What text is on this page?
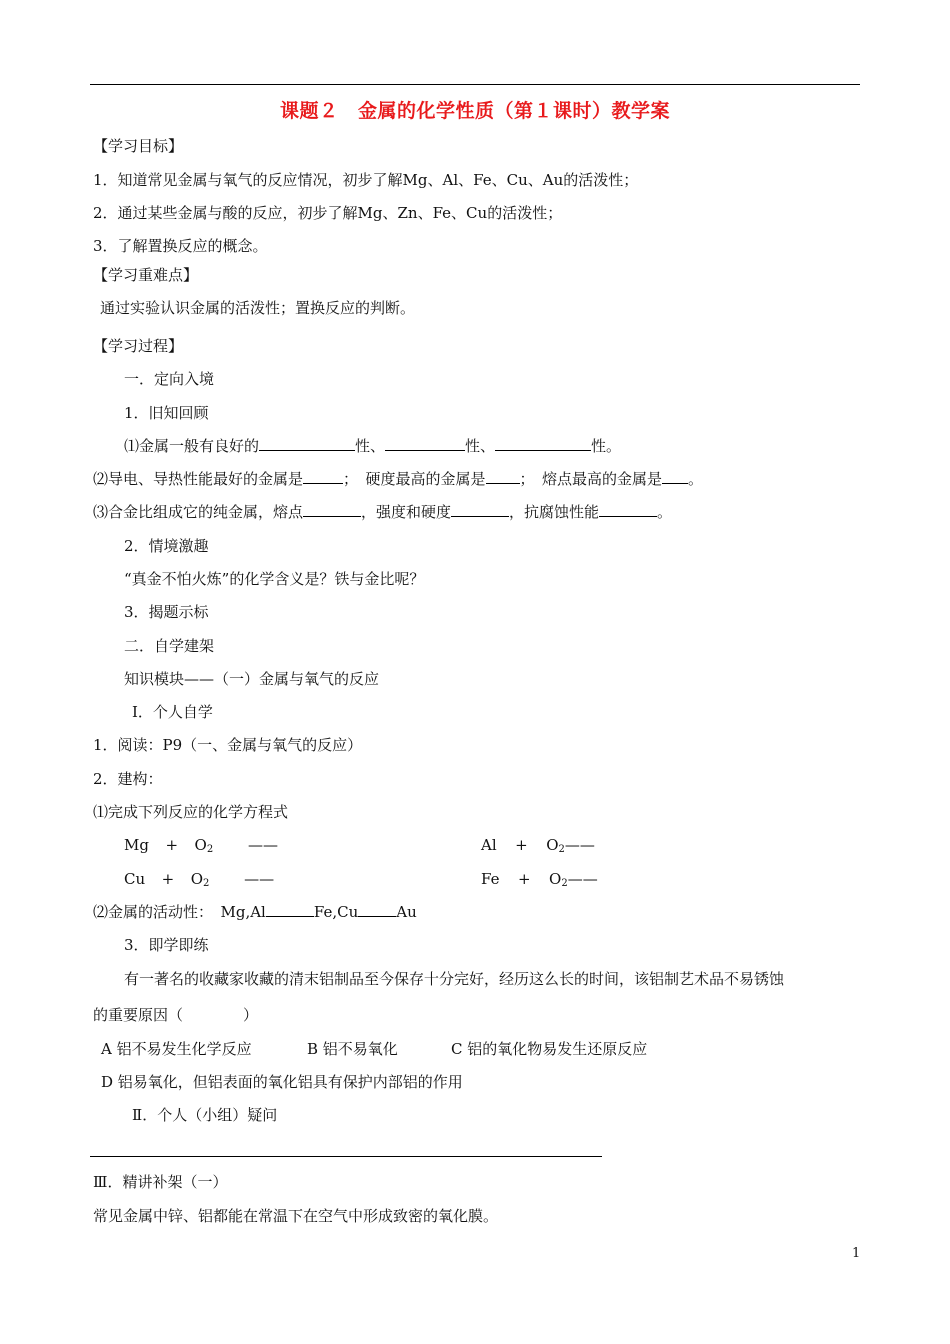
课题２　金属的化学性质（第１课时）教学案
【学习目标】
1．知道常见金属与氧气的反应情况，初步了解Mg、Al、Fe、Cu、Au的活泼性；
2．通过某些金属与酸的反应，初步了解Mg、Zn、Fe、Cu的活泼性；
3．了解置换反应的概念。
【学习重难点】
通过实验认识金属的活泼性；置换反应的判断。
【学习过程】
一．定向入境
1．旧知回顾
⑴金属一般有良好的	性、	性、	性。
⑵导电、导热性能最好的金属是	；　硬度最高的金属是 ；　熔点最高的金属是 。
⑶合金比组成它的纯金属，熔点	，强度和硬度	，抗腐蚀性能	。
2．情境激趣
“真金不怕火炼”的化学含义是？铁与金比呢？
3．揭题示标
二．自学建架
知识模块——（一）金属与氧气的反应
Ⅰ．个人自学
1．阅读：P9（一、金属与氧气的反应）
2．建构：
⑴完成下列反应的化学方程式
$Mg + O_2$ ——	$Al + O_2——$
$Cu + O_2$ ——	$Fe + O_2——$
⑵金属的活动性：　Mg,Al	Fe,Cu	Au
3．即学即练
有一著名的收藏家收藏的清末铝制品至今保存十分完好，经历这么长的时间，该铝制艺术品不易锈蚀
的重要原因（　　　　）
A 铝不易发生化学反应	B 铝不易氧化	C 铝的氧化物易发生还原反应
D 铝易氧化，但铝表面的氧化铝具有保护内部铝的作用
Ⅱ．个人（小组）疑问
Ⅲ．精讲补架（一）
常见金属中锌、铝都能在常温下在空气中形成致密的氧化膜。
1
